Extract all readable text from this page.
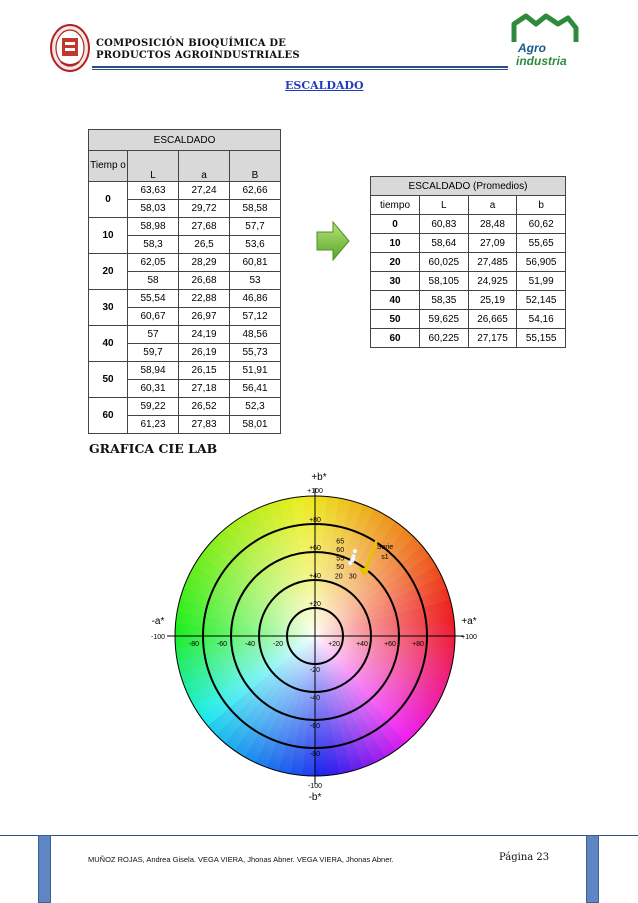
COMPOSICIÓN BIOQUÍMICA DE
PRODUCTOS AGROINDUSTRIALES
Agro
industria
ESCALDADO
ESCALDADO			
Tiemp o	L	a	B
0	63,63	27,24	62,66
	58,03	29,72	58,58
10	58,98	27,68	57,7
	58,3	26,5	53,6
20	62,05	28,29	60,81
	58	26,68	53
30	55,54	22,88	46,86
	60,67	26,97	57,12
40	57	24,19	48,56
	59,7	26,19	55,73
50	58,94	26,15	51,91
	60,31	27,18	56,41
60	59,22	26,52	52,3
	61,23	27,83	58,01
ESCALDADO (Promedios)			
tiempo	L	a	b
0	60,83	28,48	60,62
10	58,64	27,09	55,65
20	60,025	27,485	56,905
30	58,105	24,925	51,99
40	58,35	25,19	52,145
50	59,625	26,665	54,16
60	60,225	27,175	55,155
GRAFICA CIE LAB
+b*
+100
-100
-b*
-a*
-100
+a*
+100
+20
-20
+20
-20
+40
-40
+40
-40
+60
-60
+60
-60
+80
-80
+80
-80
65
60
55
50
20 30
Serie
s1
MUÑOZ ROJAS, Andrea Gisela. VEGA VIERA, Jhonas Abner. VEGA VIERA, Jhonas Abner.	Página 23
